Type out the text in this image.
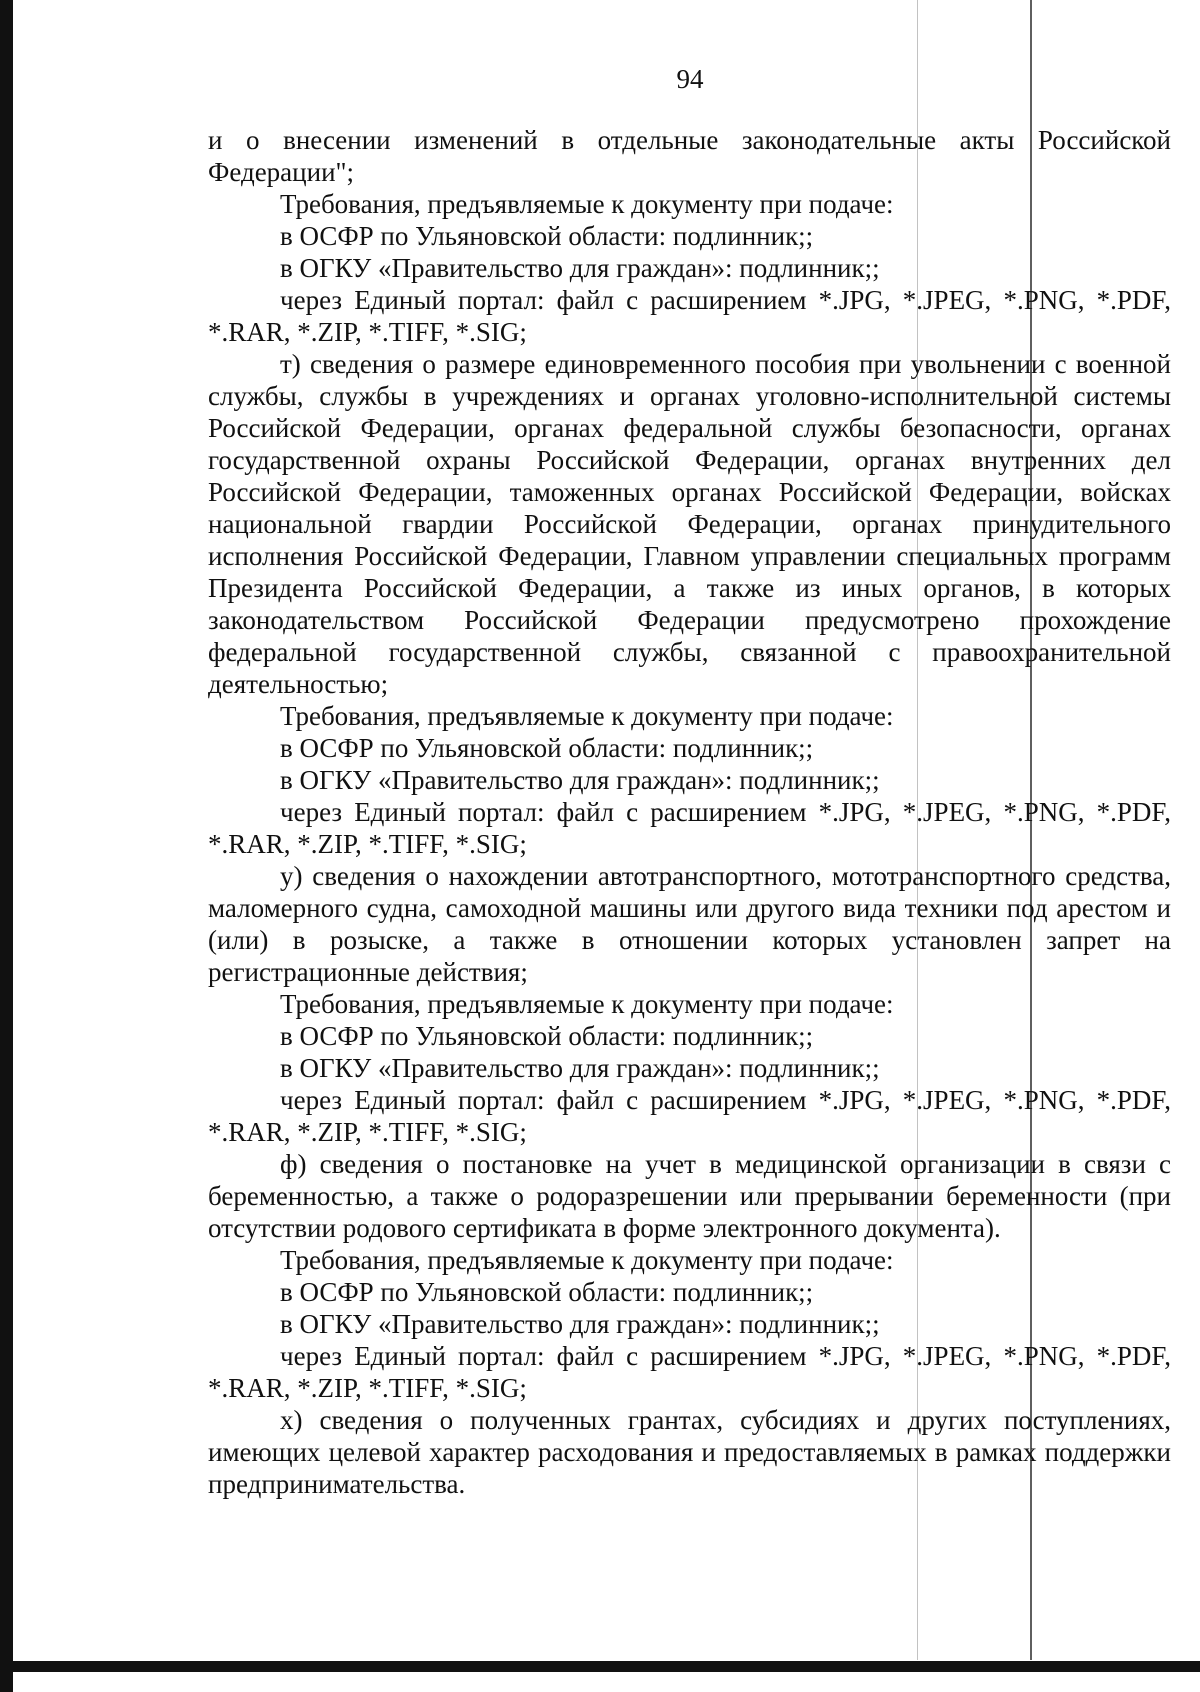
94

и о внесении изменений в отдельные законодательные акты Российской Федерации";

Требования, предъявляемые к документу при подаче:

в ОСФР по Ульяновской области: подлинник;;

в ОГКУ «Правительство для граждан»: подлинник;;

через Единый портал: файл с расширением *.JPG, *.JPEG, *.PNG, *.PDF, *.RAR, *.ZIP, *.TIFF, *.SIG;

т) сведения о размере единовременного пособия при увольнении с военной службы, службы в учреждениях и органах уголовно-исполнительной системы Российской Федерации, органах федеральной службы безопасности, органах государственной охраны Российской Федерации, органах внутренних дел Российской Федерации, таможенных органах Российской Федерации, войсках национальной гвардии Российской Федерации, органах принудительного исполнения Российской Федерации, Главном управлении специальных программ Президента Российской Федерации, а также из иных органов, в которых законодательством Российской Федерации предусмотрено прохождение федеральной государственной службы, связанной с правоохранительной деятельностью;

Требования, предъявляемые к документу при подаче:

в ОСФР по Ульяновской области: подлинник;;

в ОГКУ «Правительство для граждан»: подлинник;;

через Единый портал: файл с расширением *.JPG, *.JPEG, *.PNG, *.PDF, *.RAR, *.ZIP, *.TIFF, *.SIG;

у) сведения о нахождении автотранспортного, мототранспортного средства, маломерного судна, самоходной машины или другого вида техники под арестом и (или) в розыске, а также в отношении которых установлен запрет на регистрационные действия;

Требования, предъявляемые к документу при подаче:

в ОСФР по Ульяновской области: подлинник;;

в ОГКУ «Правительство для граждан»: подлинник;;

через Единый портал: файл с расширением *.JPG, *.JPEG, *.PNG, *.PDF, *.RAR, *.ZIP, *.TIFF, *.SIG;

ф) сведения о постановке на учет в медицинской организации в связи с беременностью, а также о родоразрешении или прерывании беременности (при отсутствии родового сертификата в форме электронного документа).

Требования, предъявляемые к документу при подаче:

в ОСФР по Ульяновской области: подлинник;;

в ОГКУ «Правительство для граждан»: подлинник;;

через Единый портал: файл с расширением *.JPG, *.JPEG, *.PNG, *.PDF, *.RAR, *.ZIP, *.TIFF, *.SIG;

х) сведения о полученных грантах, субсидиях и других поступлениях, имеющих целевой характер расходования и предоставляемых в рамках поддержки предпринимательства.
